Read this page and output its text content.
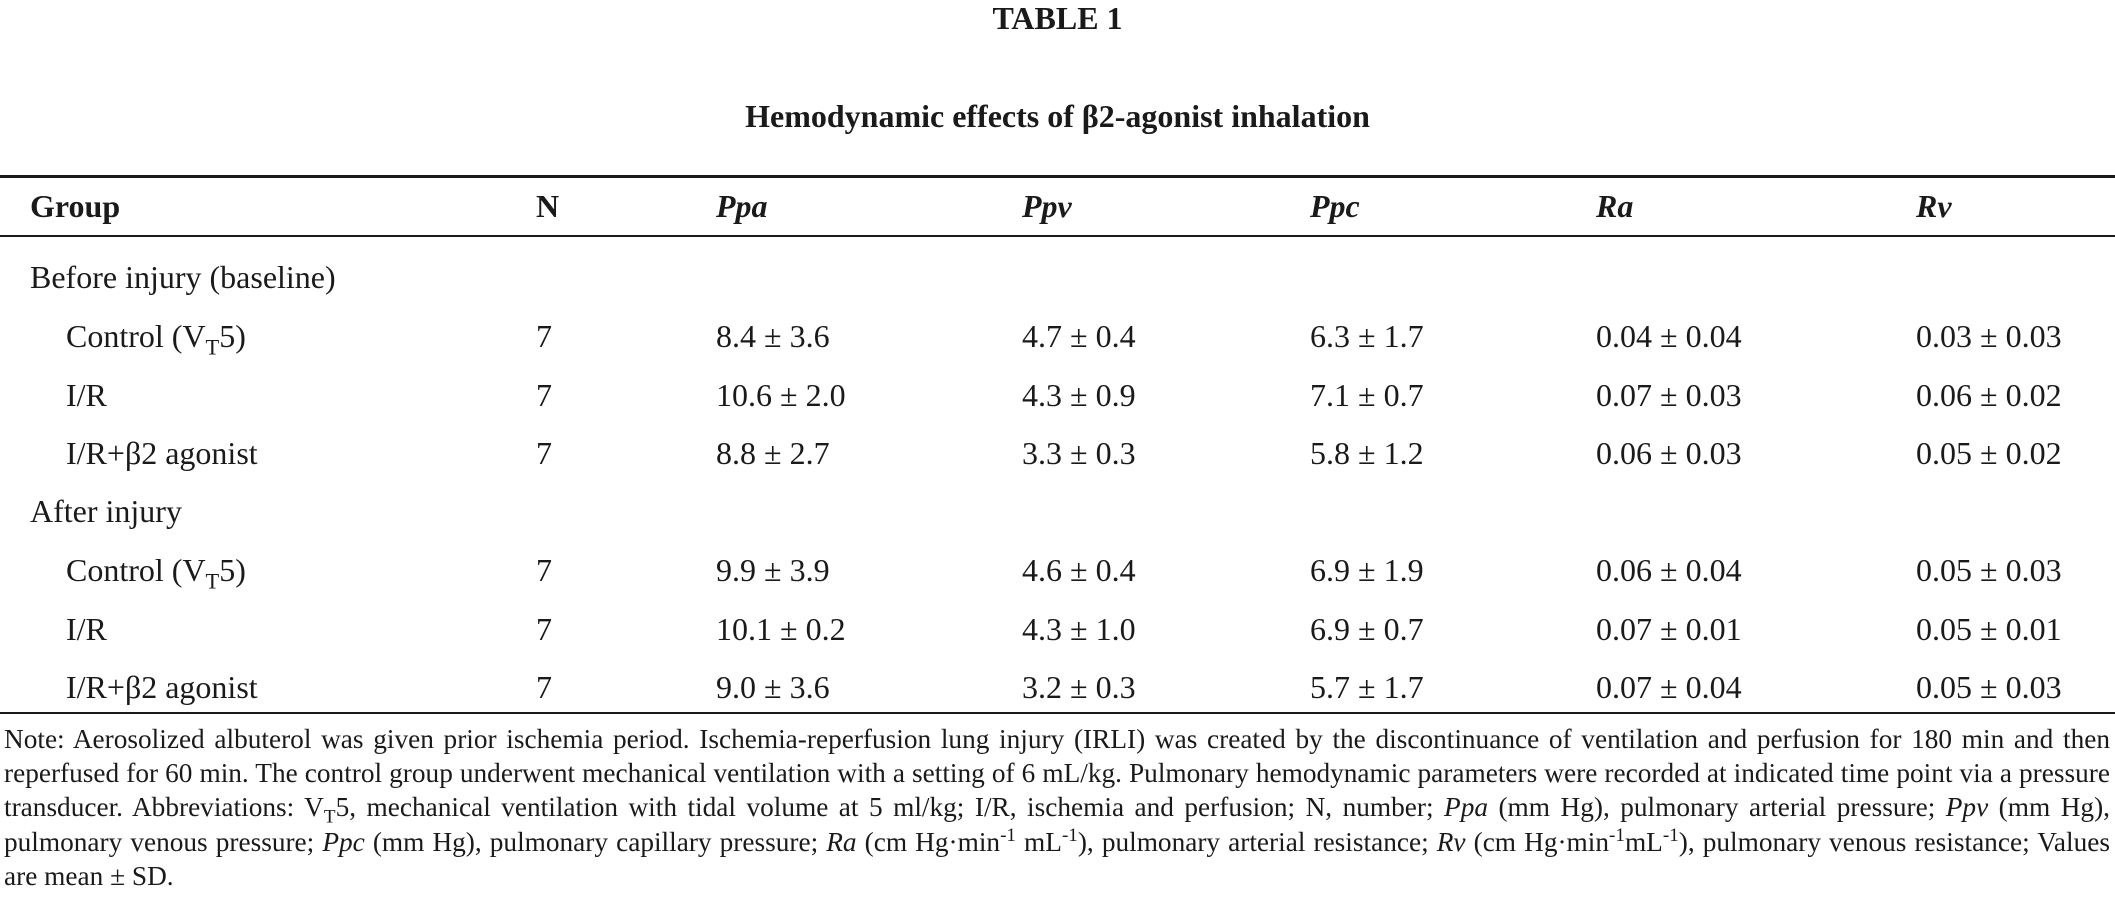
TABLE 1
Hemodynamic effects of β2-agonist inhalation
Group	N	Ppa	Ppv	Ppc	Ra	Rv
Before injury (baseline)
Control $(V_T5)$	7	8.4 ± 3.6	4.7 ± 0.4	6.3 ± 1.7	0.04 ± 0.04	0.03 ± 0.03
I/R	7	10.6 ± 2.0	4.3 ± 0.9	7.1 ± 0.7	0.07 ± 0.03	0.06 ± 0.02
I/R+β2 agonist	7	8.8 ± 2.7	3.3 ± 0.3	5.8 ± 1.2	0.06 ± 0.03	0.05 ± 0.02
After injury
Control $(V_T5)$	7	9.9 ± 3.9	4.6 ± 0.4	6.9 ± 1.9	0.06 ± 0.04	0.05 ± 0.03
I/R	7	10.1 ± 0.2	4.3 ± 1.0	6.9 ± 0.7	0.07 ± 0.01	0.05 ± 0.01
I/R+β2 agonist	7	9.0 ± 3.6	3.2 ± 0.3	5.7 ± 1.7	0.07 ± 0.04	0.05 ± 0.03
Note: Aerosolized albuterol was given prior ischemia period. Ischemia-reperfusion lung injury (IRLI) was created by the discontinuance of ventilation and perfusion for 180 min and then reperfused for 60 min. The control group underwent mechanical ventilation with a setting of 6 mL/kg. Pulmonary hemodynamic parameters were recorded at indicated time point via a pressure transducer. Abbreviations: $V_T5$, mechanical ventilation with tidal volume at 5 ml/kg; I/R, ischemia and perfusion; N, number; Ppa (mm Hg), pulmonary arterial pressure; Ppv (mm Hg), pulmonary venous pressure; Ppc (mm Hg), pulmonary capillary pressure; Ra (cm $Hg\cdot\min^{-1}$ $mL^{-1}$), pulmonary arterial resistance; Rv (cm $Hg\cdot\min^{-1}mL^{-1}$), pulmonary venous resistance; Values are mean ± SD.
